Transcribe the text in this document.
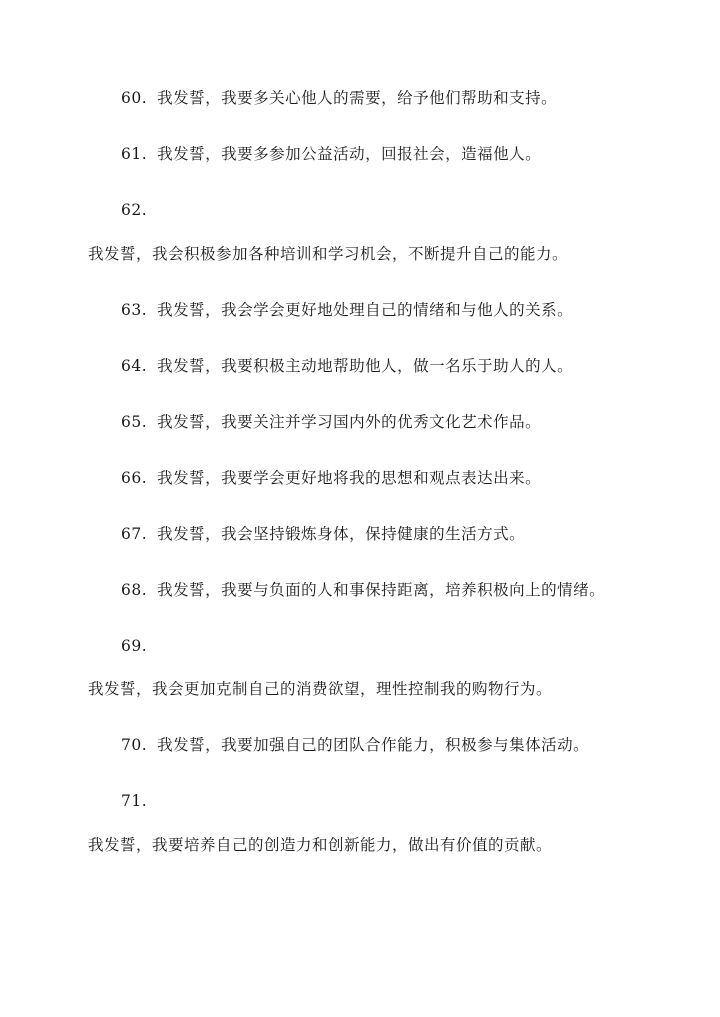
60. 我发誓，我要多关心他人的需要，给予他们帮助和支持。
61. 我发誓，我要多参加公益活动，回报社会，造福他人。
62.
我发誓，我会积极参加各种培训和学习机会，不断提升自己的能力。
63. 我发誓，我会学会更好地处理自己的情绪和与他人的关系。
64. 我发誓，我要积极主动地帮助他人，做一名乐于助人的人。
65. 我发誓，我要关注并学习国内外的优秀文化艺术作品。
66. 我发誓，我要学会更好地将我的思想和观点表达出来。
67. 我发誓，我会坚持锻炼身体，保持健康的生活方式。
68. 我发誓，我要与负面的人和事保持距离，培养积极向上的情绪。
69.
我发誓，我会更加克制自己的消费欲望，理性控制我的购物行为。
70. 我发誓，我要加强自己的团队合作能力，积极参与集体活动。
71.
我发誓，我要培养自己的创造力和创新能力，做出有价值的贡献。
